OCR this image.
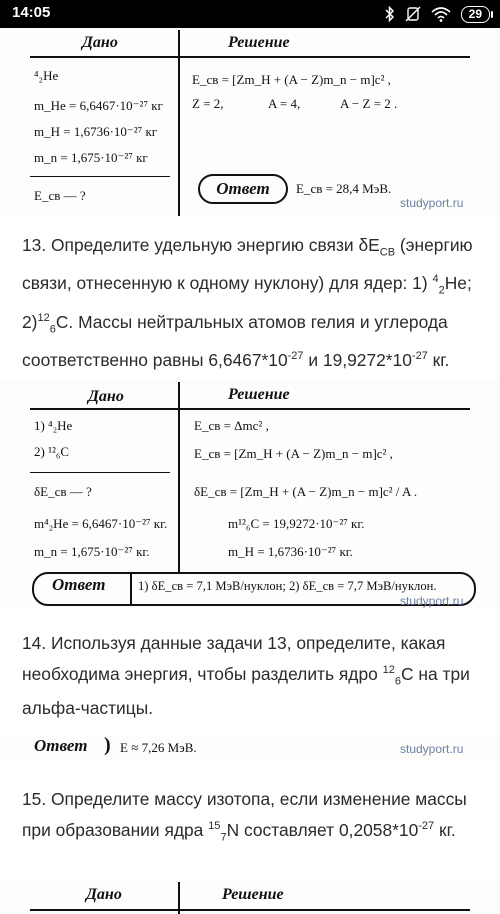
14:05	29
Дано	Решение
⁴₂He
m_He = 6,6467·10⁻²⁷ кг
m_H = 1,6736·10⁻²⁷ кг
m_n = 1,675·10⁻²⁷ кг
E_св — ?
E_св = [Zm_H + (A − Z)m_n − m]c² ,
Z = 2,	A = 4,	A − Z = 2 .
Ответ	E_св = 28,4 МэВ.
studyport.ru
13. Определите удельную энергию связи $\delta E_{СВ}$ (энергию связи, отнесенную к одному нуклону) для ядер: 1) $^4_2$He; 2)$^{12}_6$C. Массы нейтральных атомов гелия и углерода соответственно равны $6,6467*10^{-27}$ и $19,9272*10^{-27}$ кг.
Дано	Решение
1) ⁴₂He
2) ¹²₆C
δE_св — ?
m⁴₂He = 6,6467·10⁻²⁷ кг.
m_n = 1,675·10⁻²⁷ кг.
E_св = Δmc² ,
E_св = [Zm_H + (A − Z)m_n − m]c² ,
δE_св = [Zm_H + (A − Z)m_n − m]c² / A .
m¹²₆C = 19,9272·10⁻²⁷ кг.
m_H = 1,6736·10⁻²⁷ кг.
Ответ	1) δE_св = 7,1 МэВ/нуклон; 2) δE_св = 7,7 МэВ/нуклон.
studyport.ru
14. Используя данные задачи 13, определите, какая необходима энергия, чтобы разделить ядро $^{12}_6$C на три альфа-частицы.
Ответ ) E ≈ 7,26 МэВ.	studyport.ru
15. Определите массу изотопа, если изменение массы при образовании ядра $^{15}_7$N составляет $0,2058*10^{-27}$ кг.
Дано	Решение
